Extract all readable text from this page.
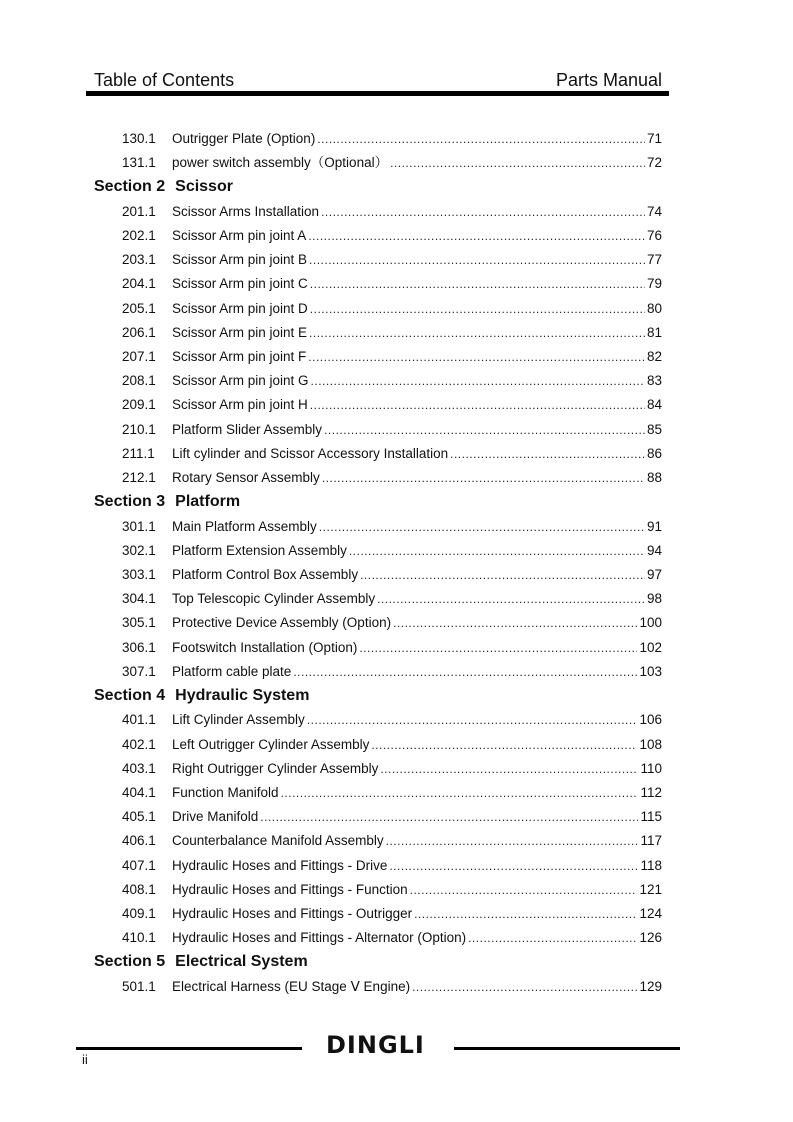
Table of Contents	Parts Manual
130.1	Outrigger Plate (Option) .....	71
131.1	power switch assembly（Optional） .....	72
Section 2 Scissor
201.1	Scissor Arms Installation .....	74
202.1	Scissor Arm pin joint A .....	76
203.1	Scissor Arm pin joint B .....	77
204.1	Scissor Arm pin joint C .....	79
205.1	Scissor Arm pin joint D .....	80
206.1	Scissor Arm pin joint E .....	81
207.1	Scissor Arm pin joint F .....	82
208.1	Scissor Arm pin joint G .....	83
209.1	Scissor Arm pin joint H .....	84
210.1	Platform Slider Assembly .....	85
211.1	Lift cylinder and Scissor Accessory Installation .....	86
212.1	Rotary Sensor Assembly .....	88
Section 3 Platform
301.1	Main Platform Assembly .....	91
302.1	Platform Extension Assembly .....	94
303.1	Platform Control Box Assembly .....	97
304.1	Top Telescopic Cylinder Assembly .....	98
305.1	Protective Device Assembly (Option) .....	100
306.1	Footswitch Installation (Option) .....	102
307.1	Platform cable plate .....	103
Section 4 Hydraulic System
401.1	Lift Cylinder Assembly .....	106
402.1	Left Outrigger Cylinder Assembly .....	108
403.1	Right Outrigger Cylinder Assembly .....	110
404.1	Function Manifold .....	112
405.1	Drive Manifold .....	115
406.1	Counterbalance Manifold Assembly .....	117
407.1	Hydraulic Hoses and Fittings - Drive .....	118
408.1	Hydraulic Hoses and Fittings - Function .....	121
409.1	Hydraulic Hoses and Fittings - Outrigger .....	124
410.1	Hydraulic Hoses and Fittings - Alternator (Option) .....	126
Section 5 Electrical System
501.1	Electrical Harness (EU Stage Ⅴ Engine) .....	129
DINGLI
ii
